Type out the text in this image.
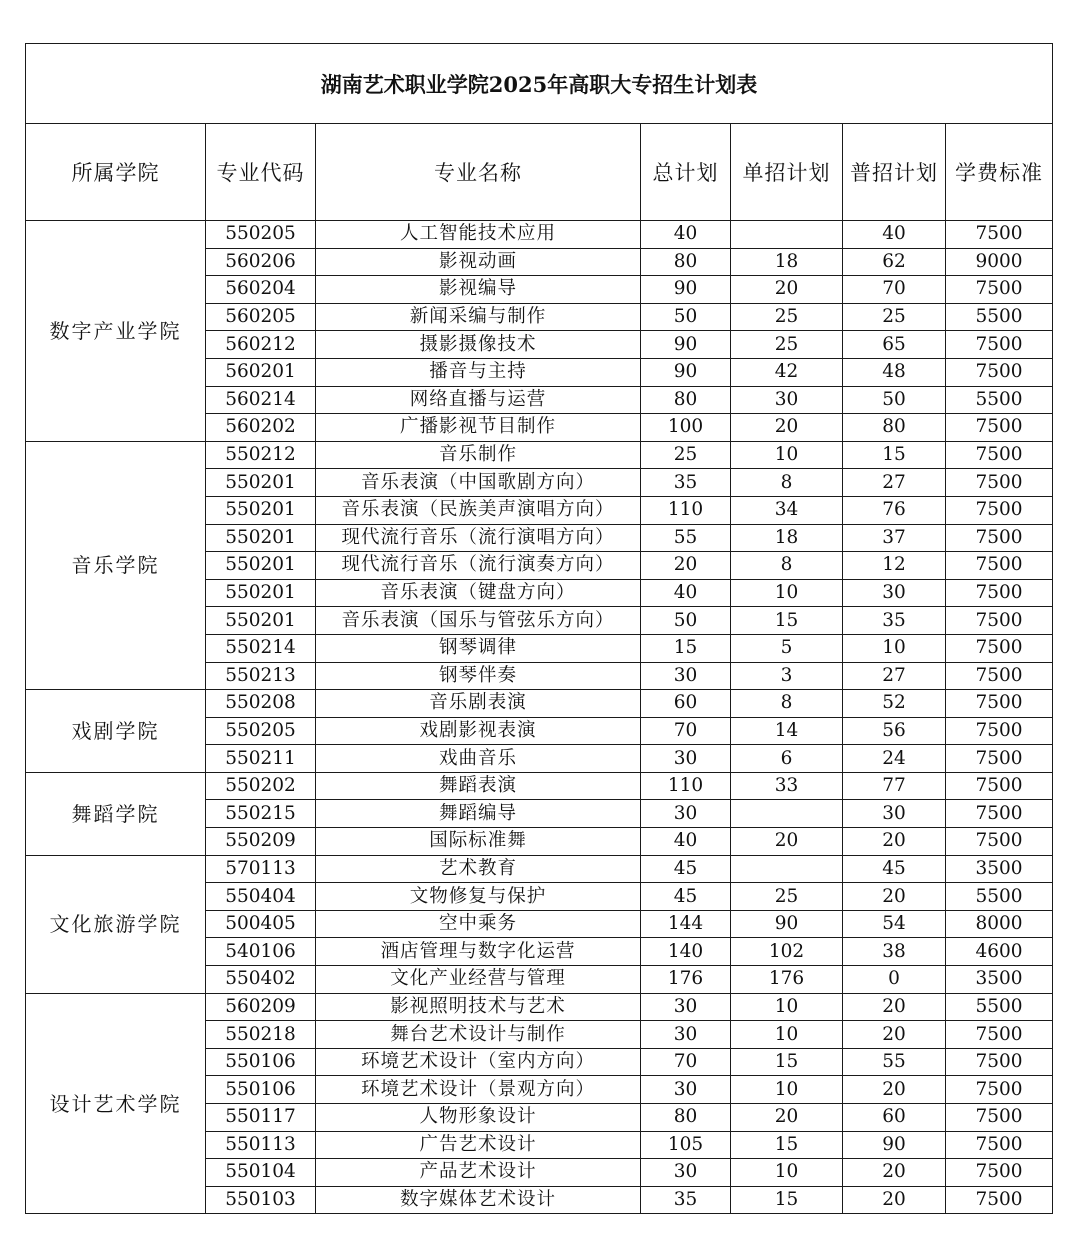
湖南艺术职业学院2025年高职大专招生计划表						
所属学院	专业代码	专业名称	总计划	单招计划	普招计划	学费标准
数字产业学院	550205	人工智能技术应用	40		40	7500
	560206	影视动画	80	18	62	9000
	560204	影视编导	90	20	70	7500
	560205	新闻采编与制作	50	25	25	5500
	560212	摄影摄像技术	90	25	65	7500
	560201	播音与主持	90	42	48	7500
	560214	网络直播与运营	80	30	50	5500
	560202	广播影视节目制作	100	20	80	7500
音乐学院	550212	音乐制作	25	10	15	7500
	550201	音乐表演（中国歌剧方向）	35	8	27	7500
	550201	音乐表演（民族美声演唱方向）	110	34	76	7500
	550201	现代流行音乐（流行演唱方向）	55	18	37	7500
	550201	现代流行音乐（流行演奏方向）	20	8	12	7500
	550201	音乐表演（键盘方向）	40	10	30	7500
	550201	音乐表演（国乐与管弦乐方向）	50	15	35	7500
	550214	钢琴调律	15	5	10	7500
	550213	钢琴伴奏	30	3	27	7500
戏剧学院	550208	音乐剧表演	60	8	52	7500
	550205	戏剧影视表演	70	14	56	7500
	550211	戏曲音乐	30	6	24	7500
舞蹈学院	550202	舞蹈表演	110	33	77	7500
	550215	舞蹈编导	30		30	7500
	550209	国际标准舞	40	20	20	7500
文化旅游学院	570113	艺术教育	45		45	3500
	550404	文物修复与保护	45	25	20	5500
	500405	空中乘务	144	90	54	8000
	540106	酒店管理与数字化运营	140	102	38	4600
	550402	文化产业经营与管理	176	176	0	3500
设计艺术学院	560209	影视照明技术与艺术	30	10	20	5500
	550218	舞台艺术设计与制作	30	10	20	7500
	550106	环境艺术设计（室内方向）	70	15	55	7500
	550106	环境艺术设计（景观方向）	30	10	20	7500
	550117	人物形象设计	80	20	60	7500
	550113	广告艺术设计	105	15	90	7500
	550104	产品艺术设计	30	10	20	7500
	550103	数字媒体艺术设计	35	15	20	7500
